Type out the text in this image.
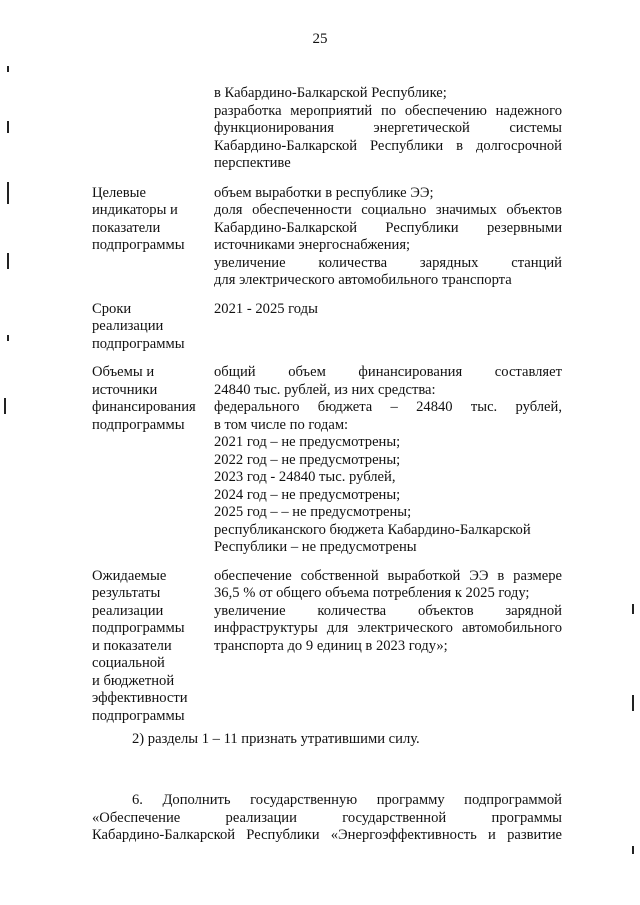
25
в Кабардино-Балкарской Республике;
разработка мероприятий по обеспечению надежного
функционирования энергетической системы
Кабардино-Балкарской Республики в долгосрочной
перспективе
Целевые
индикаторы и
показатели
подпрограммы
объем выработки в республике ЭЭ;
доля обеспеченности социально значимых объектов
Кабардино-Балкарской Республики резервными
источниками энергоснабжения;
увеличение количества зарядных станций
для электрического автомобильного транспорта
Сроки
реализации
подпрограммы
2021 - 2025 годы
Объемы и
источники
финансирования
подпрограммы
общий объем финансирования составляет
24840 тыс. рублей, из них средства:
федерального бюджета – 24840 тыс. рублей,
в том числе по годам:
2021 год – не предусмотрены;
2022 год – не предусмотрены;
2023 год - 24840 тыс. рублей,
2024 год – не предусмотрены;
2025 год – – не предусмотрены;
республиканского бюджета Кабардино-Балкарской
Республики – не предусмотрены
Ожидаемые
результаты
реализации
подпрограммы
и показатели
социальной
и бюджетной
эффективности
подпрограммы
обеспечение собственной выработкой ЭЭ в размере
36,5 % от общего объема потребления к 2025 году;
увеличение количества объектов зарядной
инфраструктуры для электрического автомобильного
транспорта до 9 единиц в 2023 году»;
2) разделы 1 – 11 признать утратившими силу.
6. Дополнить государственную программу подпрограммой
«Обеспечение реализации государственной программы
Кабардино-Балкарской Республики «Энергоэффективность и развитие
